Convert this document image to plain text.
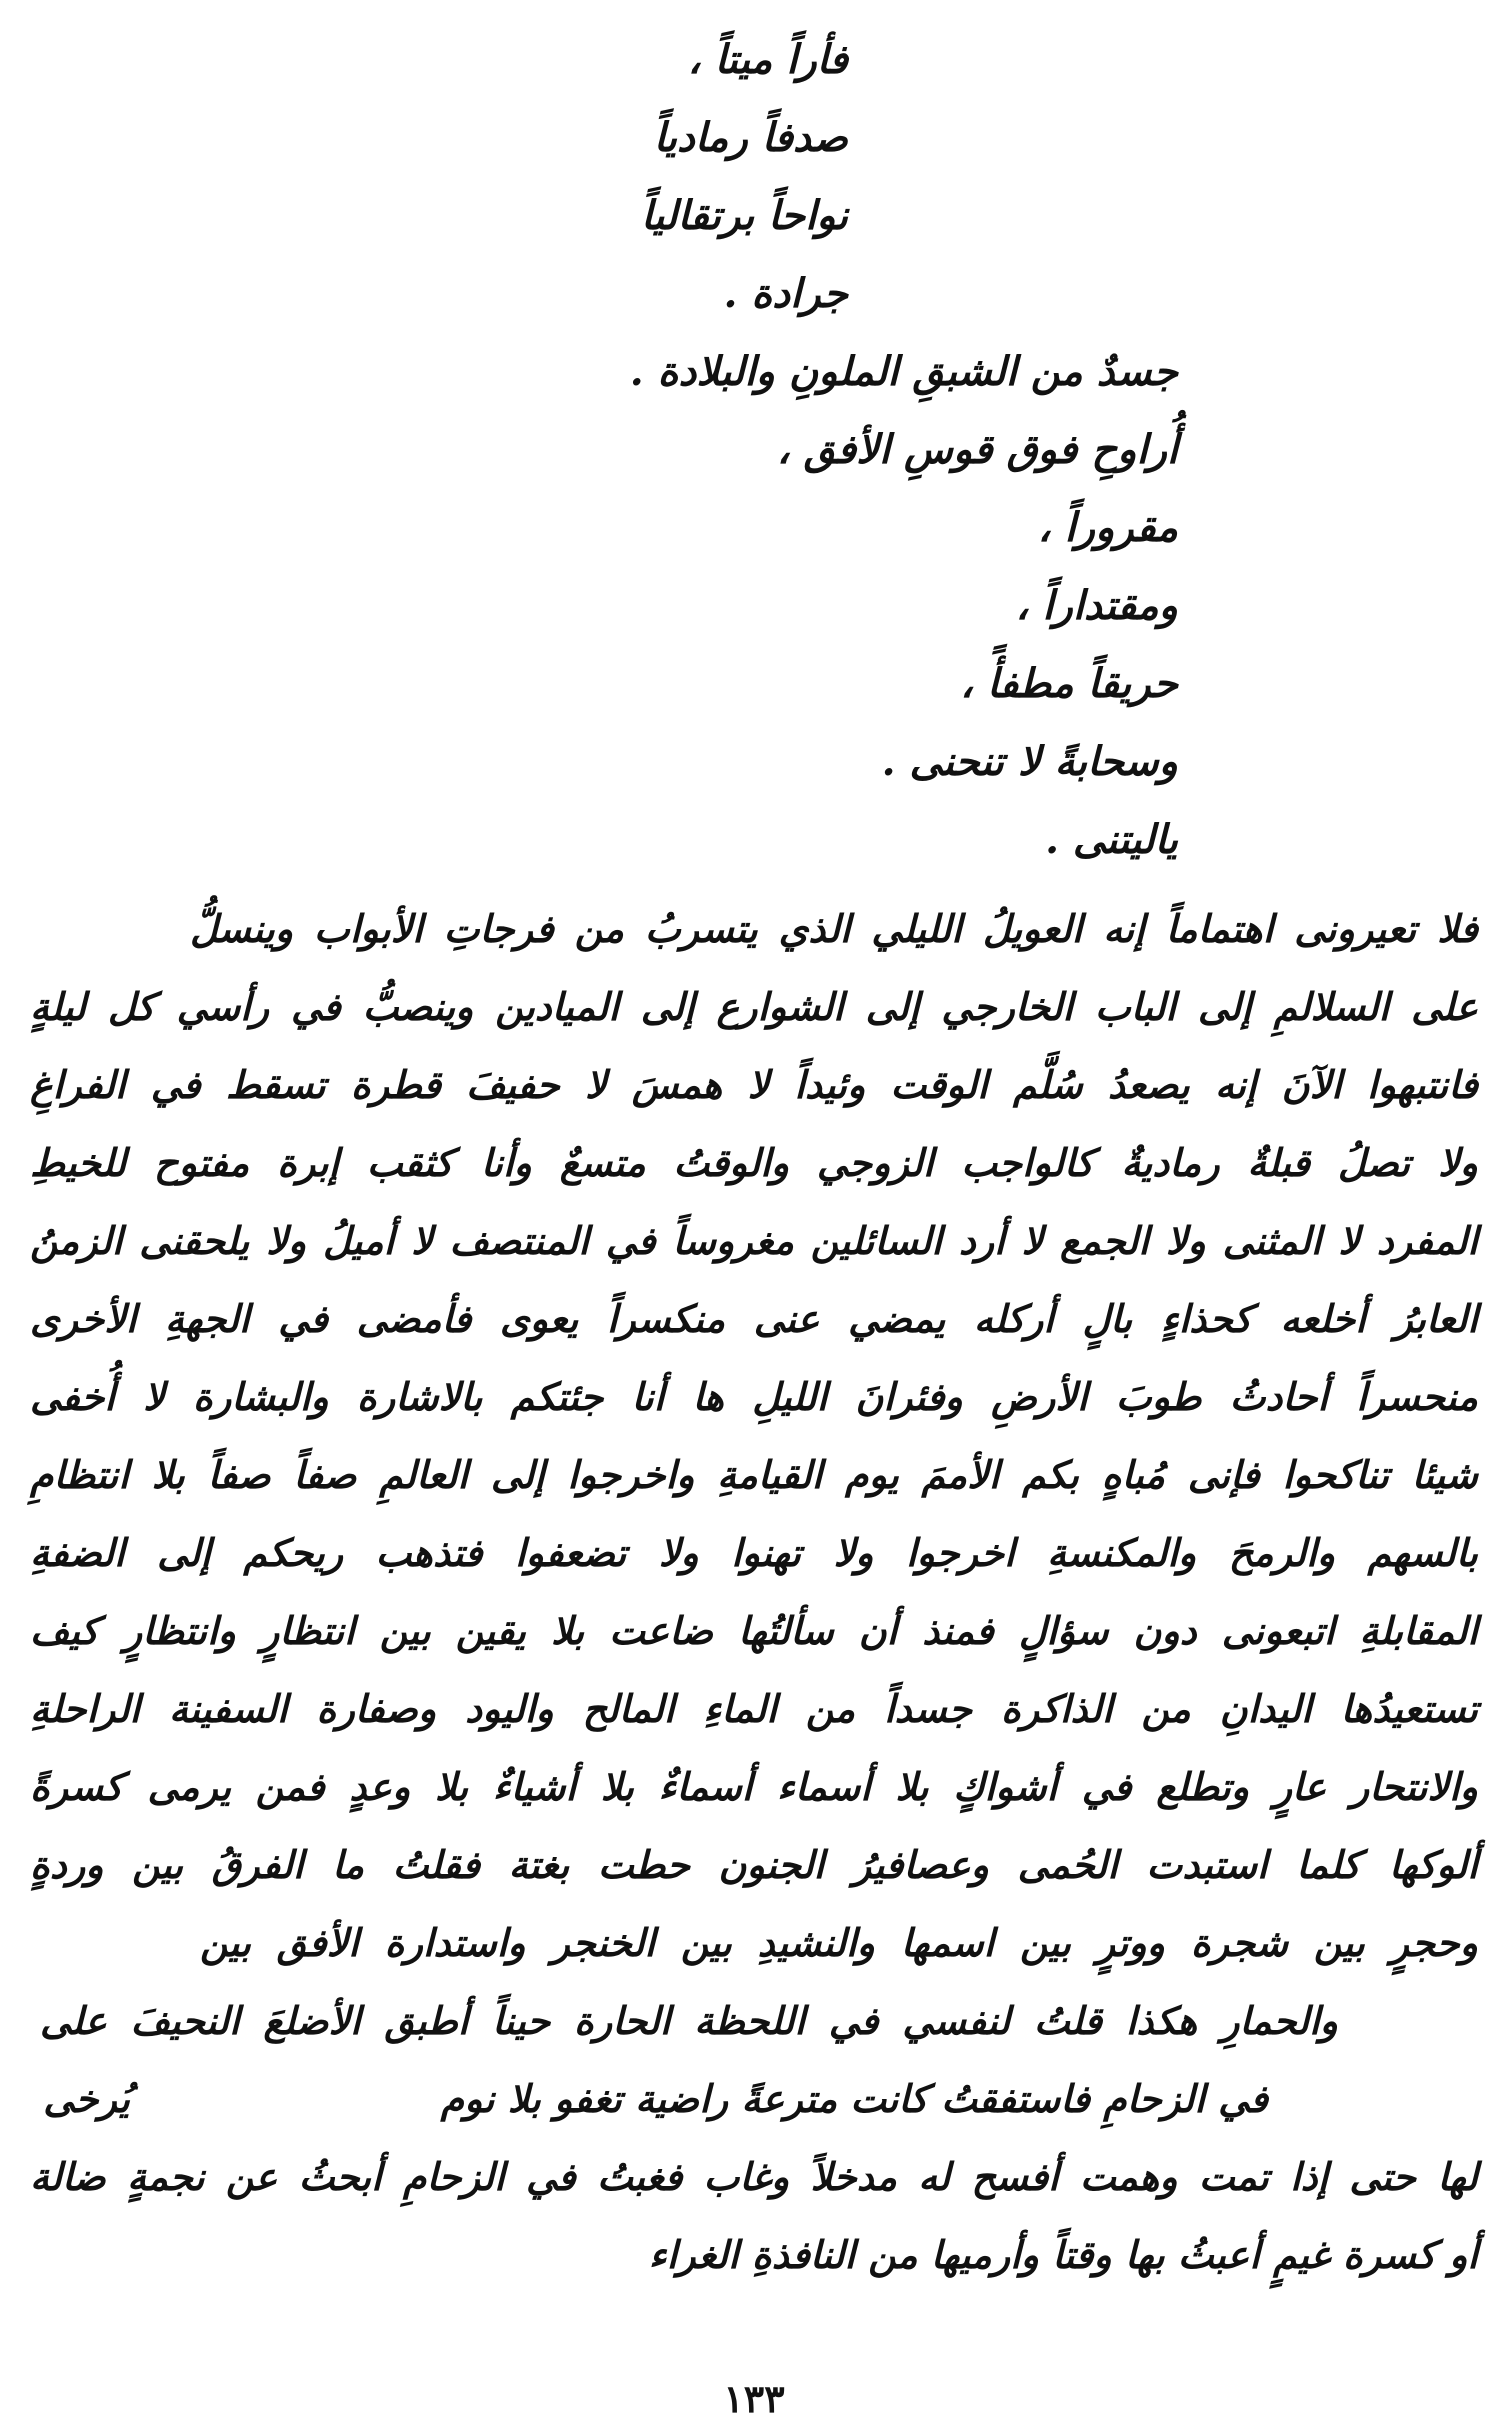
فأراً ميتاً ،
صدفاً رمادياً
نواحاً برتقالياً
جرادة .
جسدٌ من الشبقِ الملونِ والبلادة .
أُراوحِ فوق قوسِ الأفق ،
مقروراً ،
ومقتداراً ،
حريقاً مطفأً ،
وسحابةً لا تنحنى .
ياليتنى .
فلا تعيرونى اهتماماً إنه العويلُ الليلي الذي يتسربُ من فرجاتِ الأبواب وينسلُّ
على السلالمِ إلى الباب الخارجي إلى الشوارع إلى الميادين وينصبُّ في رأسي كل ليلةٍ
فانتبهوا الآنَ إنه يصعدُ سُلَّم الوقت وئيداً لا همسَ لا حفيفَ قطرة تسقط في الفراغِ
ولا تصلُ قبلةٌ رماديةٌ كالواجب الزوجي والوقتُ متسعٌ وأنا كثقب إبرة مفتوح للخيطِ
المفرد لا المثنى ولا الجمع لا أرد السائلين مغروساً في المنتصف لا أميلُ ولا يلحقنى الزمنُ
العابرُ أخلعه كحذاءٍ بالٍ أركله يمضي عنى منكسراً يعوى فأمضى في الجهةِ الأخرى
منحسراً أحادثُ طوبَ الأرضِ وفئرانَ الليلِ ها أنا جئتكم بالاشارة والبشارة لا أُخفى
شيئا تناكحوا فإنى مُباهٍ بكم الأممَ يوم القيامةِ واخرجوا إلى العالمِ صفاً صفاً بلا انتظامِ
بالسهم والرمحَ والمكنسةِ اخرجوا ولا تهنوا ولا تضعفوا فتذهب ريحكم إلى الضفةِ
المقابلةِ اتبعونى دون سؤالٍ فمنذ أن سألتُها ضاعت بلا يقين بين انتظارٍ وانتظارٍ كيف
تستعيدُها اليدانِ من الذاكرة جسداً من الماءِ المالح واليود وصفارة السفينة الراحلةِ
والانتحار عارٍ وتطلع في أشواكٍ بلا أسماء أسماءٌ بلا أشياءٌ بلا وعدٍ فمن يرمى كسرةً
ألوكها كلما استبدت الحُمى وعصافيرُ الجنون حطت بغتة فقلتُ ما الفرقُ بين وردةٍ
وحجرٍ بين شجرة ووترٍ بين اسمها والنشيدِ بين الخنجر واستدارة الأفق بين
والحمارِ هكذا قلتُ لنفسي في اللحظة الحارة حيناً أطبق الأضلعَ النحيفَ على
في الزحامِ فاستفقتُ كانت مترعةً راضية تغفو بلا نوم
يُرخى
لها حتى إذا تمت وهمت أفسح له مدخلاً وغاب فغبتُ في الزحامِ أبحثُ عن نجمةٍ ضالة
أو كسرة غيمٍ أعبثُ بها وقتاً وأرميها من النافذةِ الغراء
١٣٣
